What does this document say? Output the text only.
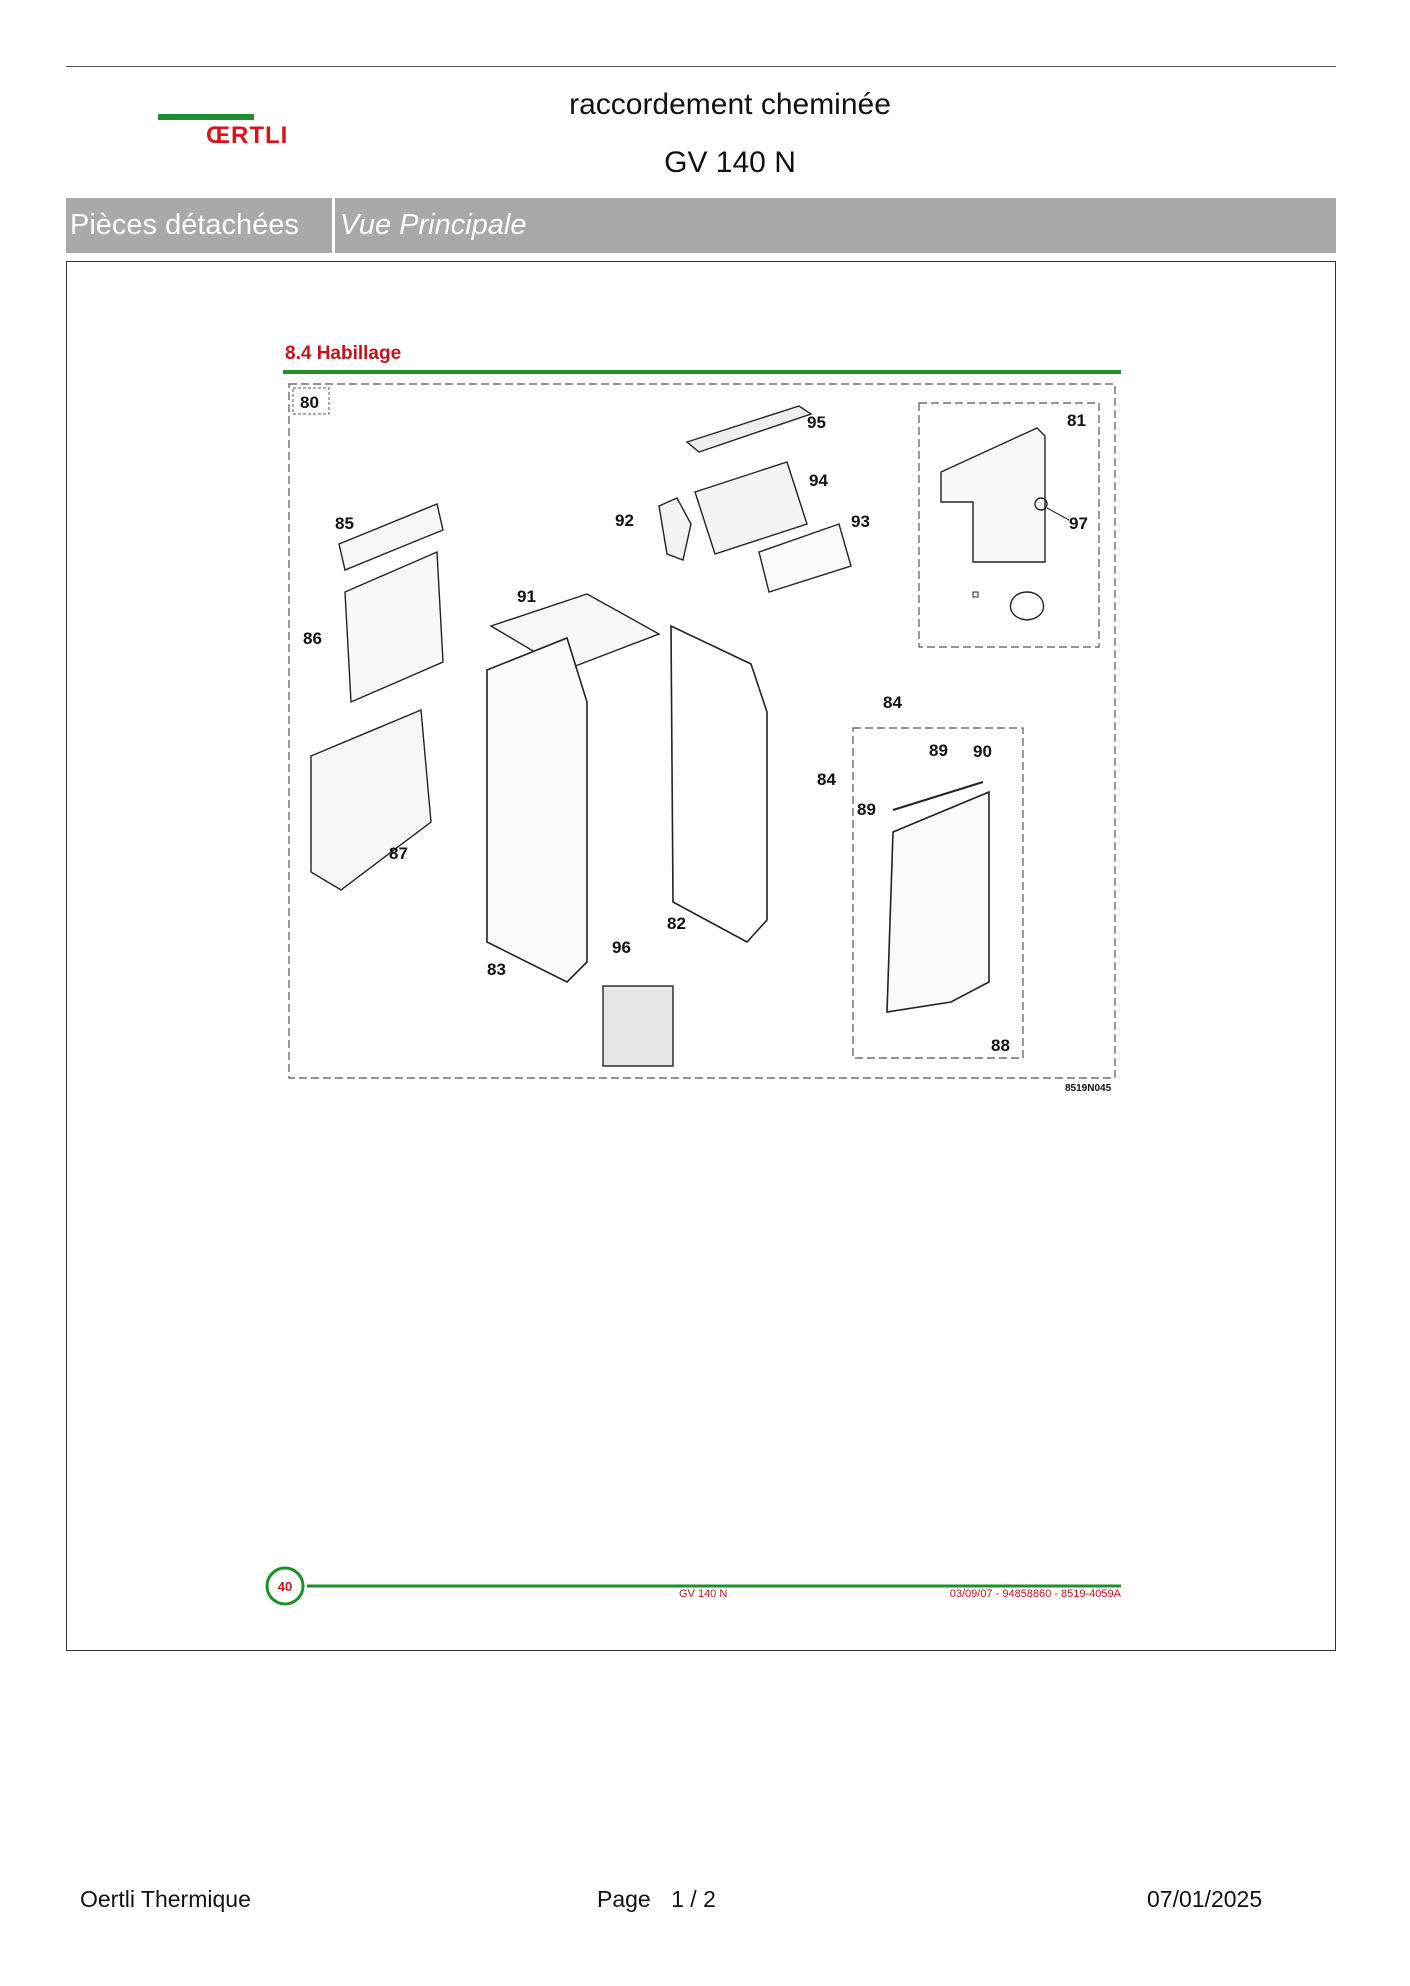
ŒRTLI
raccordement cheminée
GV 140 N
Pièces détachées	Vue Principale
8.4 Habillage
80
81
97
95
94
93
92
85
86
87
91
83
82
96
88
90
89
89
84
84
8519N045
40	GV 140 N	03/09/07 - 94858860 - 8519-4059A
Oertli Thermique	Page 1 / 2	07/01/2025
